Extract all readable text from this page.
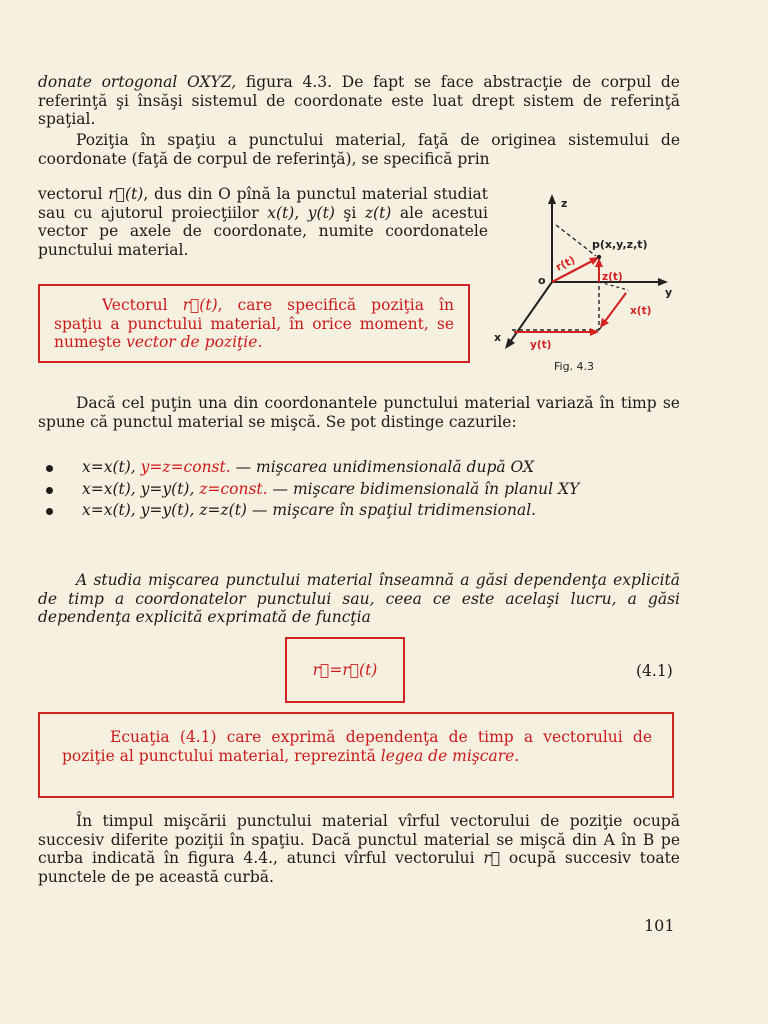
donate ortogonal OXYZ, figura 4.3. De fapt se face abstracţie de corpul de referinţă şi însăşi sistemul de coordonate este luat drept sistem de referinţă spaţial.

Poziţia în spaţiu a punctului material, faţă de originea sistemului de coordonate (faţă de corpul de referinţă), se specifică prin

vectorul r⃗(t), dus din O pînă la punctul material studiat sau cu ajutorul proiecţiilor x(t), y(t) şi z(t) ale acestui vector pe axele de coordonate, numite coordonatele punctului material.

Vectorul r⃗(t), care specifică poziţia în spaţiu a punctului material, în orice moment, se numeşte vector de poziţie.

z
y
x
o
p(x,y,z,t)
r(t)
z(t)
x(t)
y(t)
Fig. 4.3

Dacă cel puţin una din coordonantele punctului material variază în timp se spune că punctul material se mişcă. Se pot distinge cazurile:

x=x(t), y=z=const. — mişcarea unidimensională după OX
x=x(t), y=y(t), z=const. — mişcare bidimensională în planul XY
x=x(t), y=y(t), z=z(t) — mişcare în spaţiul tridimensional.

A studia mişcarea punctului material înseamnă a găsi dependenţa explicită de timp a coordonatelor punctului sau, ceea ce este acelaşi lucru, a găsi dependenţa explicită exprimată de funcţia

r⃗=r⃗(t)	(4.1)

Ecuaţia (4.1) care exprimă dependenţa de timp a vectorului de poziţie al punctului material, reprezintă legea de mişcare.

În timpul mişcării punctului material vîrful vectorului de poziţie ocupă succesiv diferite poziţii în spaţiu. Dacă punctul material se mişcă din A în B pe curba indicată în figura 4.4., atunci vîrful vectorului r⃗ ocupă succesiv toate punctele de pe această curbă.

101
